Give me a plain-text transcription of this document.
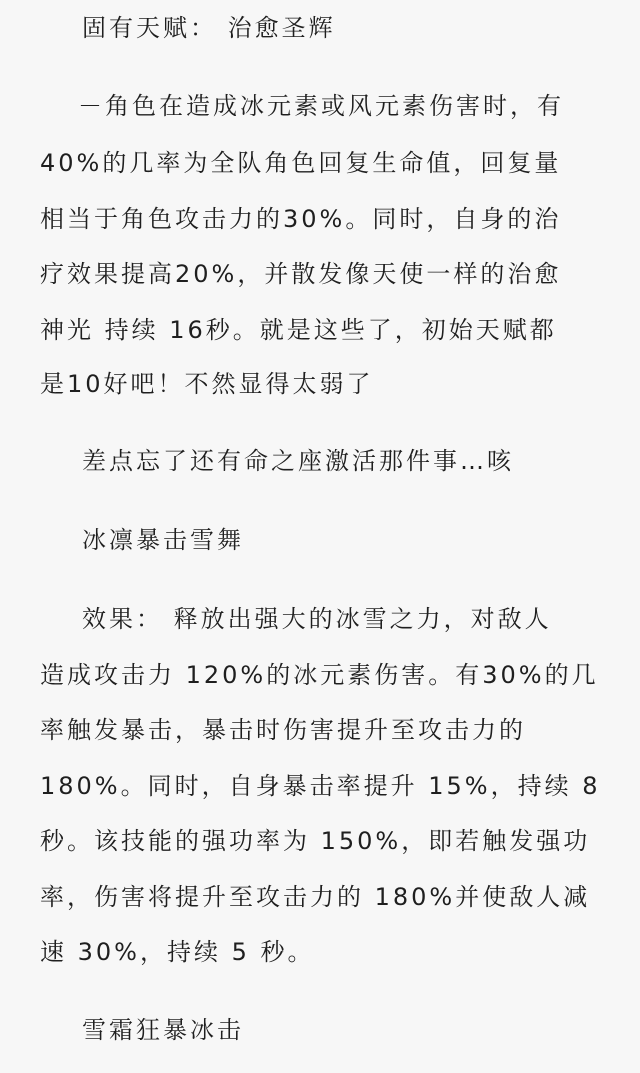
固有天赋： 治愈圣辉
－角色在造成冰元素或风元素伤害时，有
40%的几率为全队角色回复生命值，回复量
相当于角色攻击力的30%。同时，自身的治
疗效果提高20%，并散发像天使一样的治愈
神光 持续 16秒。就是这些了，初始天赋都
是10好吧！不然显得太弱了
差点忘了还有命之座激活那件事…咳
冰凛暴击雪舞
效果： 释放出强大的冰雪之力，对敌人
造成攻击力 120%的冰元素伤害。有30%的几
率触发暴击，暴击时伤害提升至攻击力的
180%。同时，自身暴击率提升 15%，持续 8
秒。该技能的强功率为 150%，即若触发强功
率，伤害将提升至攻击力的 180%并使敌人减
速 30%，持续 5 秒。
雪霜狂暴冰击
